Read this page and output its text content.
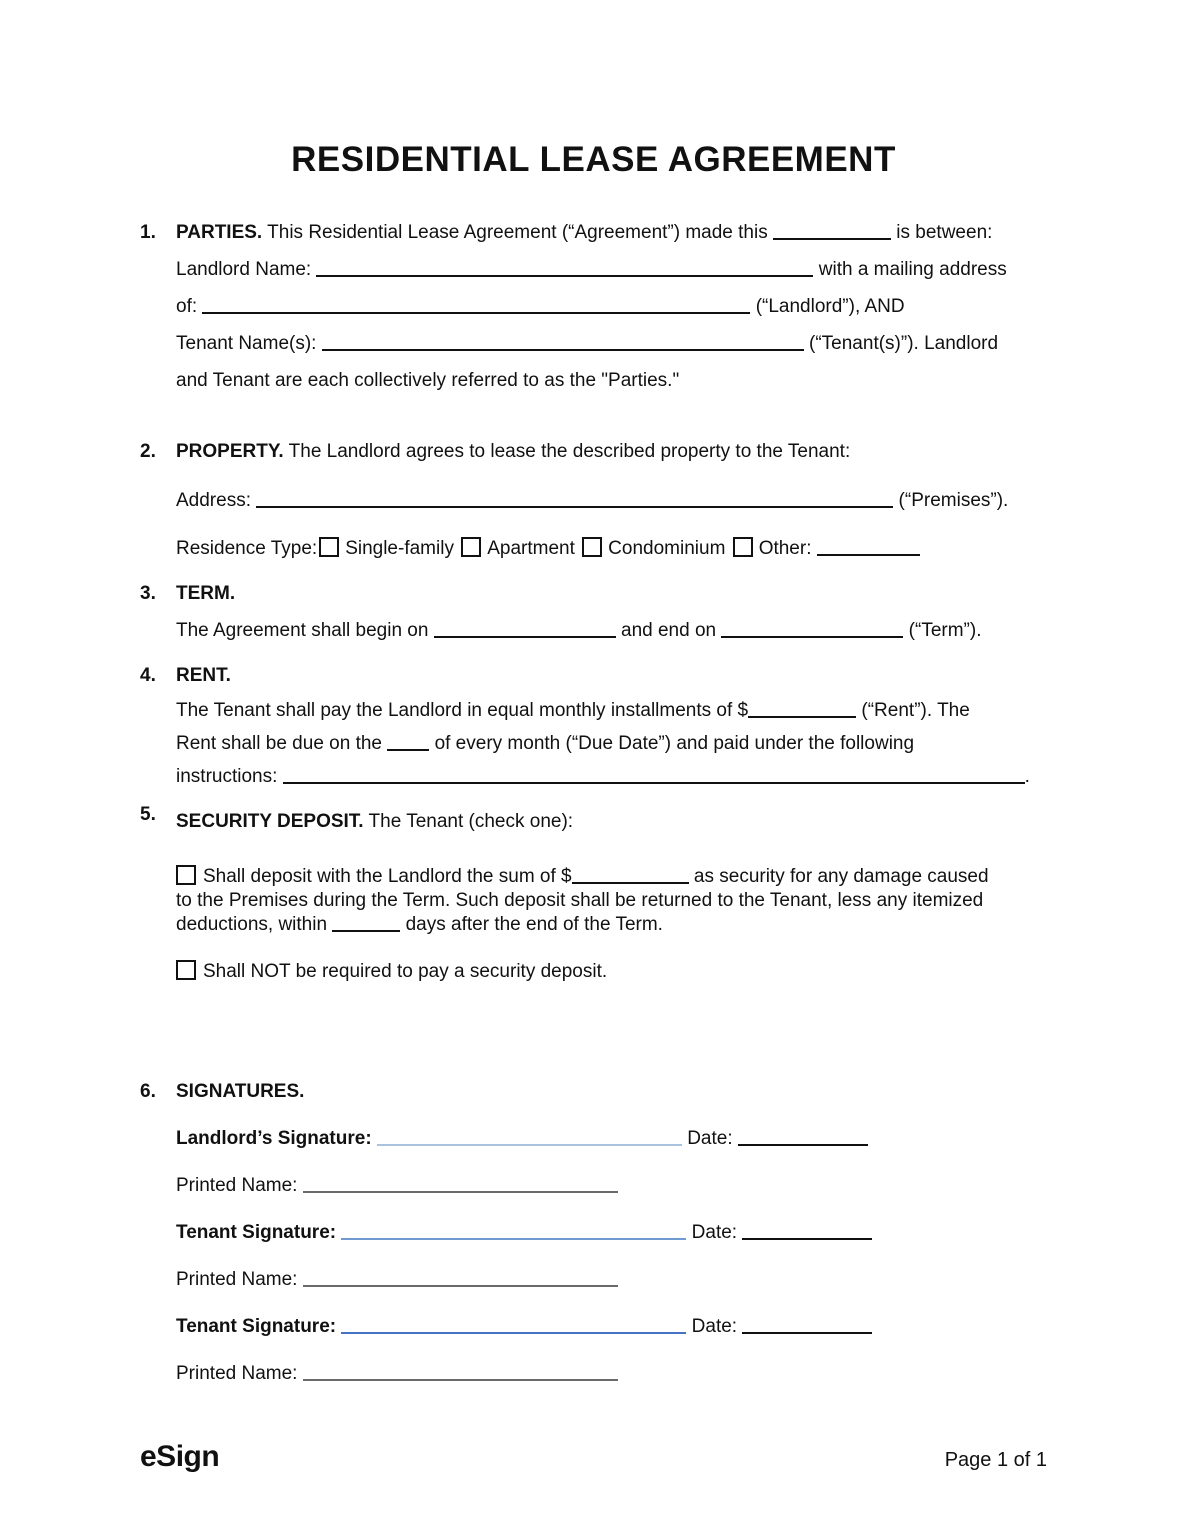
RESIDENTIAL LEASE AGREEMENT

1.	PARTIES. This Residential Lease Agreement (“Agreement”) made this	is between:

Landlord Name:	with a mailing address

of:	(“Landlord”), AND

Tenant Name(s):	(“Tenant(s)”). Landlord

and Tenant are each collectively referred to as the "Parties."

2.	PROPERTY. The Landlord agrees to lease the described property to the Tenant:

Address:	(“Premises”).

Residence Type: Single-family Apartment Condominium Other:

3.	TERM.

The Agreement shall begin on	and end on	(“Term”).

4.	RENT.

The Tenant shall pay the Landlord in equal monthly installments of $	(“Rent”). The

Rent shall be due on the	of every month (“Due Date”) and paid under the following

instructions:	.

5.	SECURITY DEPOSIT. The Tenant (check one):

Shall deposit with the Landlord the sum of $	as security for any damage caused
to the Premises during the Term. Such deposit shall be returned to the Tenant, less any itemized
deductions, within	days after the end of the Term.

Shall NOT be required to pay a security deposit.

6.	SIGNATURES.

Landlord’s Signature:	Date:
Printed Name:
Tenant Signature:	Date:
Printed Name:
Tenant Signature:	Date:
Printed Name:
eSign	Page 1 of 1
